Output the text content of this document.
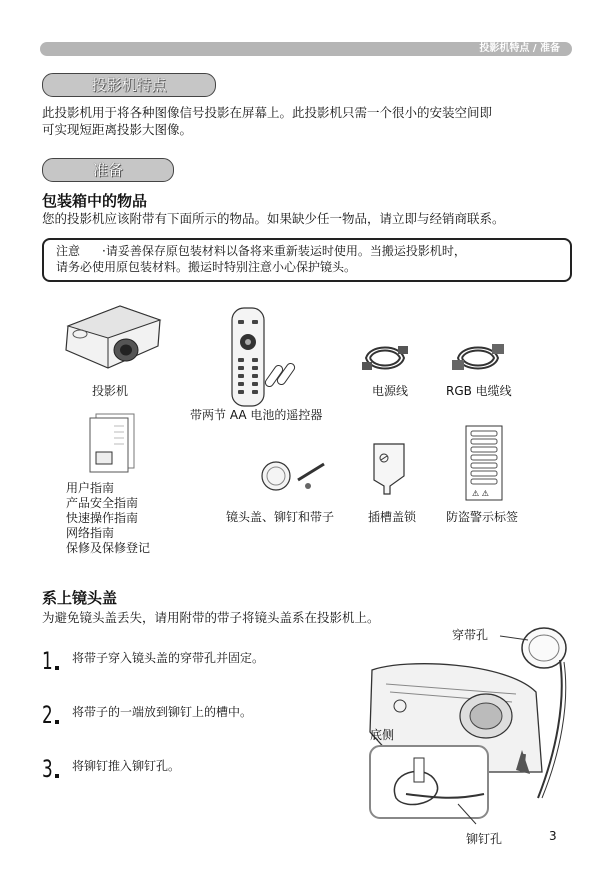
投影机特点 / 准备
投影机特点
此投影机用于将各种图像信号投影在屏幕上。此投影机只需一个很小的安装空间即
可实现短距离投影大图像。
准备
包装箱中的物品
您的投影机应该附带有下面所示的物品。如果缺少任一物品，请立即与经销商联系。
注意 ·请妥善保存原包装材料以备将来重新装运时使用。当搬运投影机时，
请务必使用原包装材料。搬运时特别注意小心保护镜头。
投影机
带两节 AA 电池的遥控器
电源线	RGB 电缆线
用户指南
产品安全指南
快速操作指南
网络指南
保修及保修登记
镜头盖、铆钉和带子	插槽盖锁
⚠ ⚠
防盗警示标签
系上镜头盖
为避免镜头盖丢失，请用附带的带子将镜头盖系在投影机上。
1 将带子穿入镜头盖的穿带孔并固定。
2 将带子的一端放到铆钉上的槽中。
3 将铆钉推入铆钉孔。
穿带孔
底侧
铆钉孔	3
